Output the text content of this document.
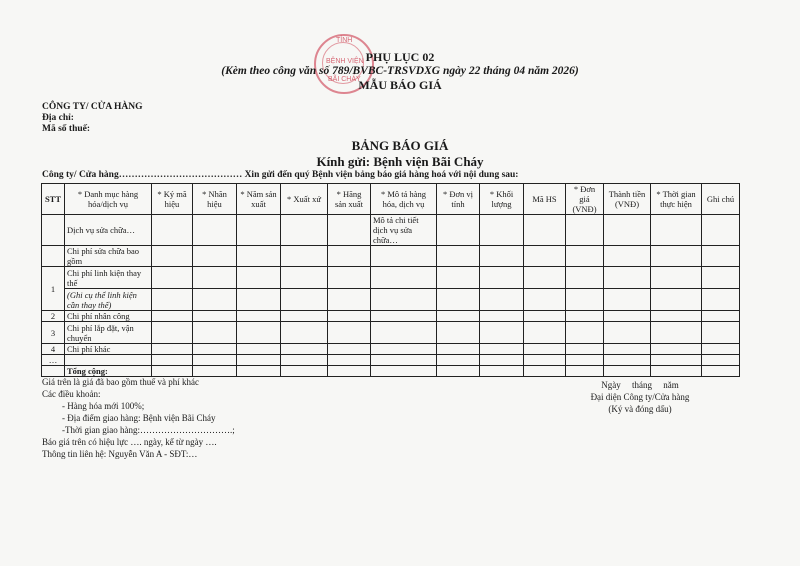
TỈNH
BỆNH VIỆN
BÃI CHÁY
PHỤ LỤC 02
(Kèm theo công văn số 789/BVBC-TRSVDXG ngày 22 tháng 04 năm 2026)
MẪU BÁO GIÁ
CÔNG TY/ CỬA HÀNG
Địa chỉ:
Mã số thuế:
BẢNG BÁO GIÁ
Kính gửi: Bệnh viện Bãi Cháy
Công ty/ Cửa hàng………………………………… Xin gửi đến quý Bệnh viện bảng báo giá hàng hoá với nội dung sau:
STT	* Danh mục hàng hóa/dịch vụ	* Ký mã hiệu	* Nhãn hiệu	* Năm sản xuất	* Xuất xứ	* Hãng sản xuất	* Mô tả hàng hóa, dịch vụ	* Đơn vị tính	* Khối lượng	Mã HS	* Đơn giá (VNĐ)	Thành tiền (VNĐ)	* Thời gian thực hiện	Ghi chú
	Dịch vụ sửa chữa…						Mô tả chi tiết dịch vụ sửa chữa…							
	Chi phí sửa chữa bao gồm													
1	Chi phí linh kiện thay thế													
	(Ghi cụ thể linh kiện cần thay thế)													
2	Chi phí nhân công													
3	Chi phí lắp đặt, vận chuyển													
4	Chi phí khác													
…														
	Tổng cộng:													
Giá trên là giá đã bao gồm thuế và phí khác
Các điều khoản:
- Hàng hóa mới 100%;
- Địa điểm giao hàng: Bệnh viện Bãi Cháy
-Thời gian giao hàng:………………………….;
Báo giá trên có hiệu lực …. ngày, kể từ ngày ….
Thông tin liên hệ: Nguyễn Văn A - SĐT:…
Ngày     tháng     năm
Đại diện Công ty/Cửa hàng
(Ký và đóng dấu)
